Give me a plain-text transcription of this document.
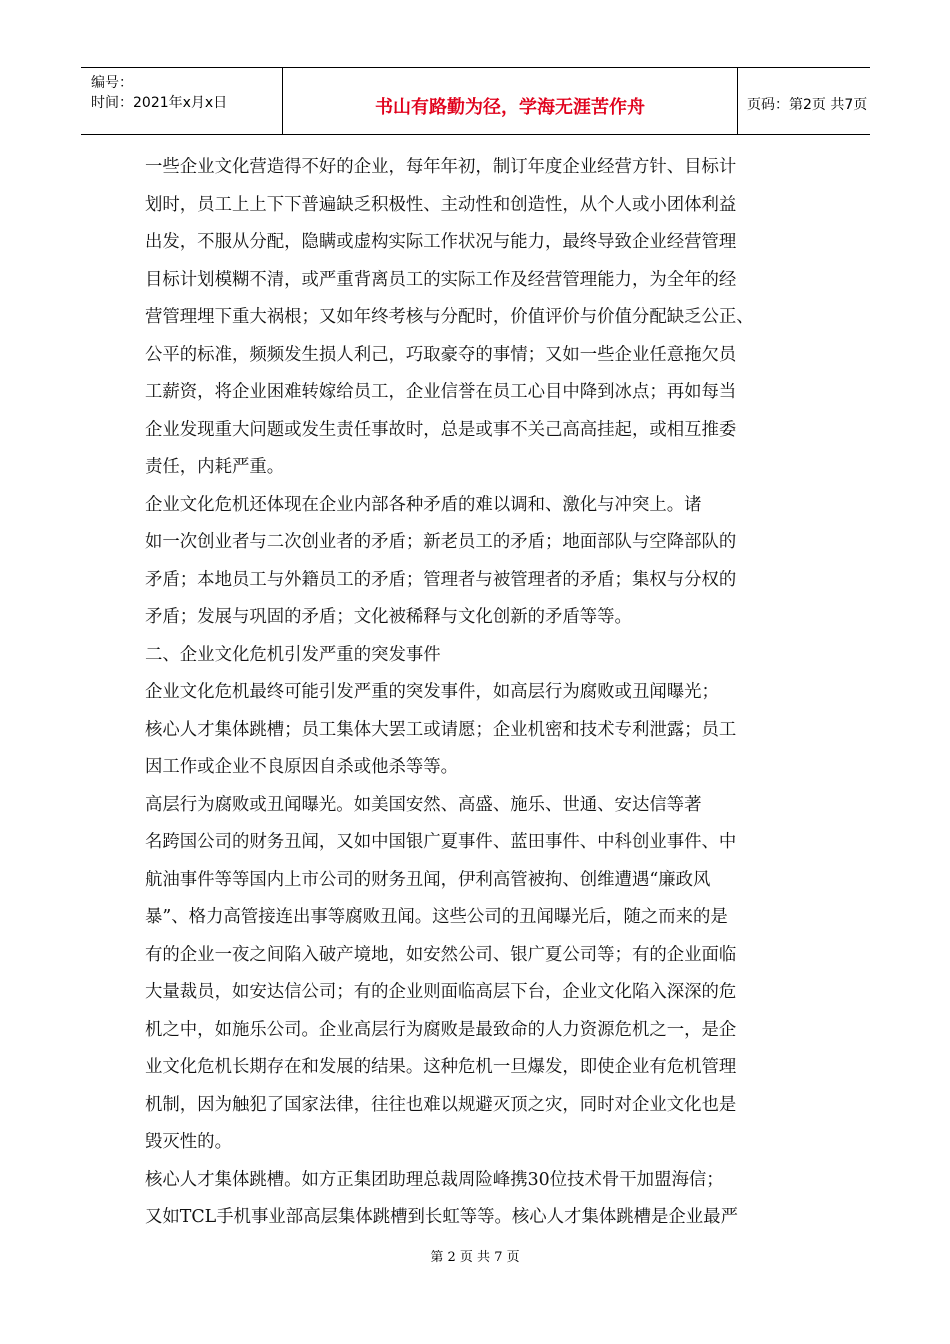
编号：
时间：2021年x月x日	书山有路勤为径，学海无涯苦作舟	页码：第2页 共7页
一些企业文化营造得不好的企业，每年年初，制订年度企业经营方针、目标计
划时，员工上上下下普遍缺乏积极性、主动性和创造性，从个人或小团体利益
出发，不服从分配，隐瞒或虚构实际工作状况与能力，最终导致企业经营管理
目标计划模糊不清，或严重背离员工的实际工作及经营管理能力，为全年的经
营管理埋下重大祸根；又如年终考核与分配时，价值评价与价值分配缺乏公正、
公平的标准，频频发生损人利己，巧取豪夺的事情；又如一些企业任意拖欠员
工薪资，将企业困难转嫁给员工，企业信誉在员工心目中降到冰点；再如每当
企业发现重大问题或发生责任事故时，总是或事不关己高高挂起，或相互推委
责任，内耗严重。
企业文化危机还体现在企业内部各种矛盾的难以调和、激化与冲突上。诸
如一次创业者与二次创业者的矛盾；新老员工的矛盾；地面部队与空降部队的
矛盾；本地员工与外籍员工的矛盾；管理者与被管理者的矛盾；集权与分权的
矛盾；发展与巩固的矛盾；文化被稀释与文化创新的矛盾等等。
二、企业文化危机引发严重的突发事件
企业文化危机最终可能引发严重的突发事件，如高层行为腐败或丑闻曝光；
核心人才集体跳槽；员工集体大罢工或请愿；企业机密和技术专利泄露；员工
因工作或企业不良原因自杀或他杀等等。
高层行为腐败或丑闻曝光。如美国安然、高盛、施乐、世通、安达信等著
名跨国公司的财务丑闻，又如中国银广夏事件、蓝田事件、中科创业事件、中
航油事件等等国内上市公司的财务丑闻，伊利高管被拘、创维遭遇“廉政风
暴”、格力高管接连出事等腐败丑闻。这些公司的丑闻曝光后，随之而来的是
有的企业一夜之间陷入破产境地，如安然公司、银广夏公司等；有的企业面临
大量裁员，如安达信公司；有的企业则面临高层下台，企业文化陷入深深的危
机之中，如施乐公司。企业高层行为腐败是最致命的人力资源危机之一，是企
业文化危机长期存在和发展的结果。这种危机一旦爆发，即使企业有危机管理
机制，因为触犯了国家法律，往往也难以规避灭顶之灾，同时对企业文化也是
毁灭性的。
核心人才集体跳槽。如方正集团助理总裁周险峰携30位技术骨干加盟海信；
又如TCL手机事业部高层集体跳槽到长虹等等。核心人才集体跳槽是企业最严
第 2 页 共 7 页
